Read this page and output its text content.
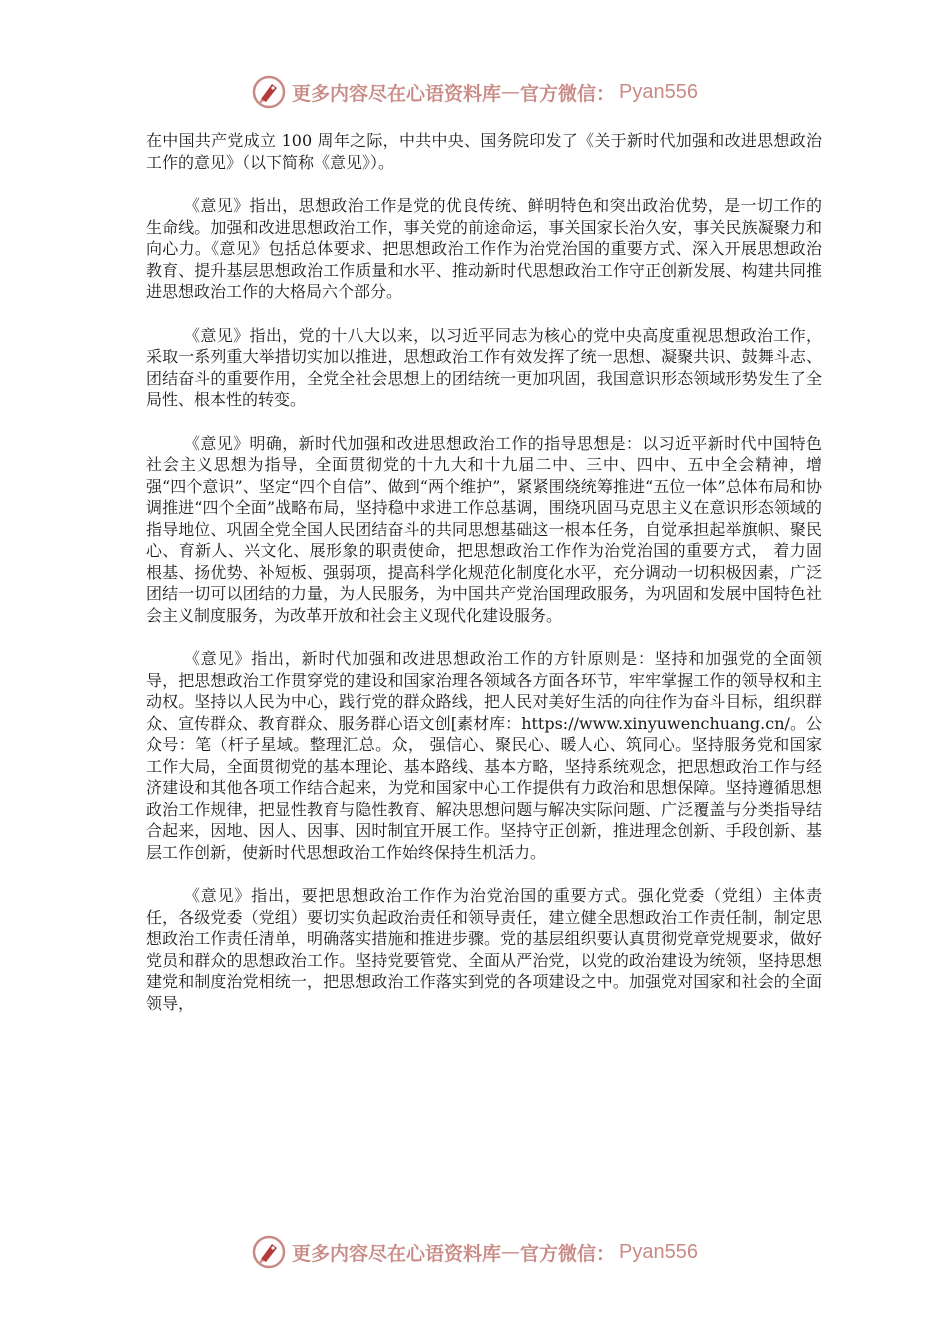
更多内容尽在心语资料库 — 官方微信： Pyan556

在中国共产党成立 100 周年之际，中共中央、国务院印发了《关于新时代加强和改进思想政治工作的意见》（以下简称《意见》）。

《意见》指出，思想政治工作是党的优良传统、鲜明特色和突出政治优势，是一切工作的生命线。加强和改进思想政治工作，事关党的前途命运，事关国家长治久安，事关民族凝聚力和向心力。《意见》包括总体要求、把思想政治工作作为治党治国的重要方式、深入开展思想政治教育、提升基层思想政治工作质量和水平、推动新时代思想政治工作守正创新发展、构建共同推进思想政治工作的大格局六个部分。

《意见》指出，党的十八大以来，以习近平同志为核心的党中央高度重视思想政治工作，采取一系列重大举措切实加以推进，思想政治工作有效发挥了统一思想、凝聚共识、鼓舞斗志、团结奋斗的重要作用，全党全社会思想上的团结统一更加巩固，我国意识形态领域形势发生了全局性、根本性的转变。

《意见》明确，新时代加强和改进思想政治工作的指导思想是：以习近平新时代中国特色社会主义思想为指导，全面贯彻党的十九大和十九届二中、三中、四中、五中全会精神，增强“四个意识”、坚定“四个自信”、做到“两个维护”，紧紧围绕统筹推进“五位一体”总体布局和协调推进“四个全面”战略布局，坚持稳中求进工作总基调，围绕巩固马克思主义在意识形态领域的指导地位、巩固全党全国人民团结奋斗的共同思想基础这一根本任务，自觉承担起举旗帜、聚民心、育新人、兴文化、展形象的职责使命，把思想政治工作作为治党治国的重要方式， 着力固根基、扬优势、补短板、强弱项，提高科学化规范化制度化水平，充分调动一切积极因素，广泛团结一切可以团结的力量，为人民服务，为中国共产党治国理政服务，为巩固和发展中国特色社会主义制度服务，为改革开放和社会主义现代化建设服务。

《意见》指出，新时代加强和改进思想政治工作的方针原则是：坚持和加强党的全面领导，把思想政治工作贯穿党的建设和国家治理各领域各方面各环节，牢牢掌握工作的领导权和主动权。坚持以人民为中心，践行党的群众路线，把人民对美好生活的向往作为奋斗目标，组织群众、宣传群众、教育群众、服务群心语文创[素材库：https://www.xinyuwenchuang.cn/。公众号：笔（杆子星域。整理汇总。众， 强信心、聚民心、暖人心、筑同心。坚持服务党和国家工作大局，全面贯彻党的基本理论、基本路线、基本方略，坚持系统观念，把思想政治工作与经济建设和其他各项工作结合起来，为党和国家中心工作提供有力政治和思想保障。坚持遵循思想政治工作规律，把显性教育与隐性教育、解决思想问题与解决实际问题、广泛覆盖与分类指导结合起来，因地、因人、因事、因时制宜开展工作。坚持守正创新，推进理念创新、手段创新、基层工作创新，使新时代思想政治工作始终保持生机活力。

《意见》指出，要把思想政治工作作为治党治国的重要方式。强化党委（党组）主体责任，各级党委（党组）要切实负起政治责任和领导责任，建立健全思想政治工作责任制，制定思想政治工作责任清单，明确落实措施和推进步骤。党的基层组织要认真贯彻党章党规要求，做好党员和群众的思想政治工作。坚持党要管党、全面从严治党，以党的政治建设为统领，坚持思想建党和制度治党相统一，把思想政治工作落实到党的各项建设之中。加强党对国家和社会的全面领导，

更多内容尽在心语资料库 — 官方微信： Pyan556
